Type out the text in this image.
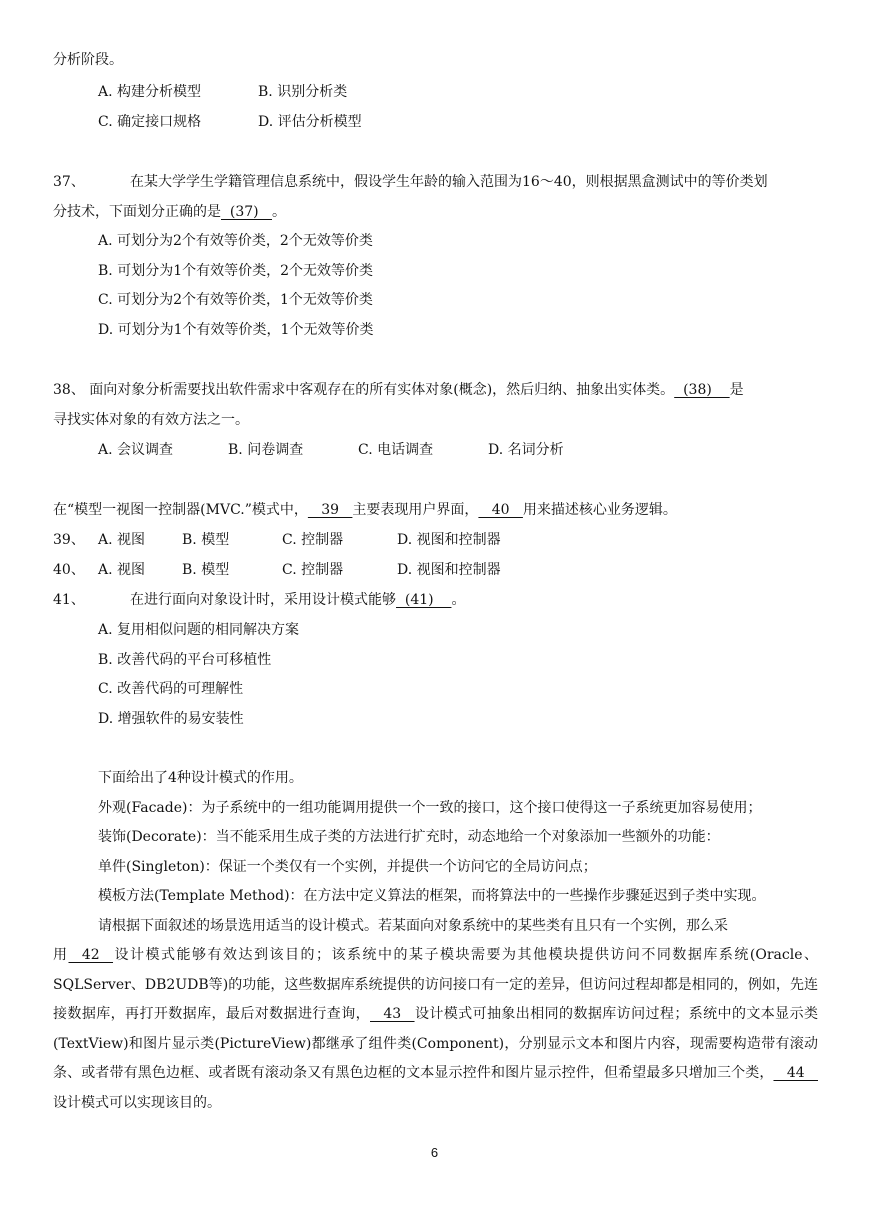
分析阶段。
A. 构建分析模型	B. 识别分析类
C. 确定接口规格	D. 评估分析模型
37、	在某大学学生学籍管理信息系统中，假设学生年龄的输入范围为16～40，则根据黑盒测试中的等价类划
分技术，下面划分正确的是  (37)   。
A. 可划分为2个有效等价类，2个无效等价类
B. 可划分为1个有效等价类，2个无效等价类
C. 可划分为2个有效等价类，1个无效等价类
D. 可划分为1个有效等价类，1个无效等价类
38、 面向对象分析需要找出软件需求中客观存在的所有实体对象(概念)，然后归纳、抽象出实体类。  (38)    是
寻找实体对象的有效方法之一。
A. 会议调查	B. 问卷调查	C. 电话调查	D. 名词分析
在“模型一视图一控制器(MVC.”模式中，   39   主要表现用户界面，   40   用来描述核心业务逻辑。
39、 A. 视图	B. 模型	C. 控制器	D. 视图和控制器
40、 A. 视图	B. 模型	C. 控制器	D. 视图和控制器
41、	在进行面向对象设计时，采用设计模式能够  (41)    。
A. 复用相似问题的相同解决方案
B. 改善代码的平台可移植性
C. 改善代码的可理解性
D. 增强软件的易安装性
下面给出了4种设计模式的作用。
外观(Facade)：为子系统中的一组功能调用提供一个一致的接口，这个接口使得这一子系统更加容易使用；
装饰(Decorate)：当不能采用生成子类的方法进行扩充时，动态地给一个对象添加一些额外的功能：
单件(Singleton)：保证一个类仅有一个实例，并提供一个访问它的全局访问点；
模板方法(Template Method)：在方法中定义算法的框架，而将算法中的一些操作步骤延迟到子类中实现。
请根据下面叙述的场景选用适当的设计模式。若某面向对象系统中的某些类有且只有一个实例，那么采
用   42   设计模式能够有效达到该目的；该系统中的某子模块需要为其他模块提供访问不同数据库系统(Oracle、SQLServer、DB2UDB等)的功能，这些数据库系统提供的访问接口有一定的差异，但访问过程却都是相同的，例如，先连接数据库，再打开数据库，最后对数据进行查询，   43   设计模式可抽象出相同的数据库访问过程；系统中的文本显示类(TextView)和图片显示类(PictureView)都继承了组件类(Component)，分别显示文本和图片内容，现需要构造带有滚动条、或者带有黑色边框、或者既有滚动条又有黑色边框的文本显示控件和图片显示控件，但希望最多只增加三个类，   44   设计模式可以实现该目的。
6
